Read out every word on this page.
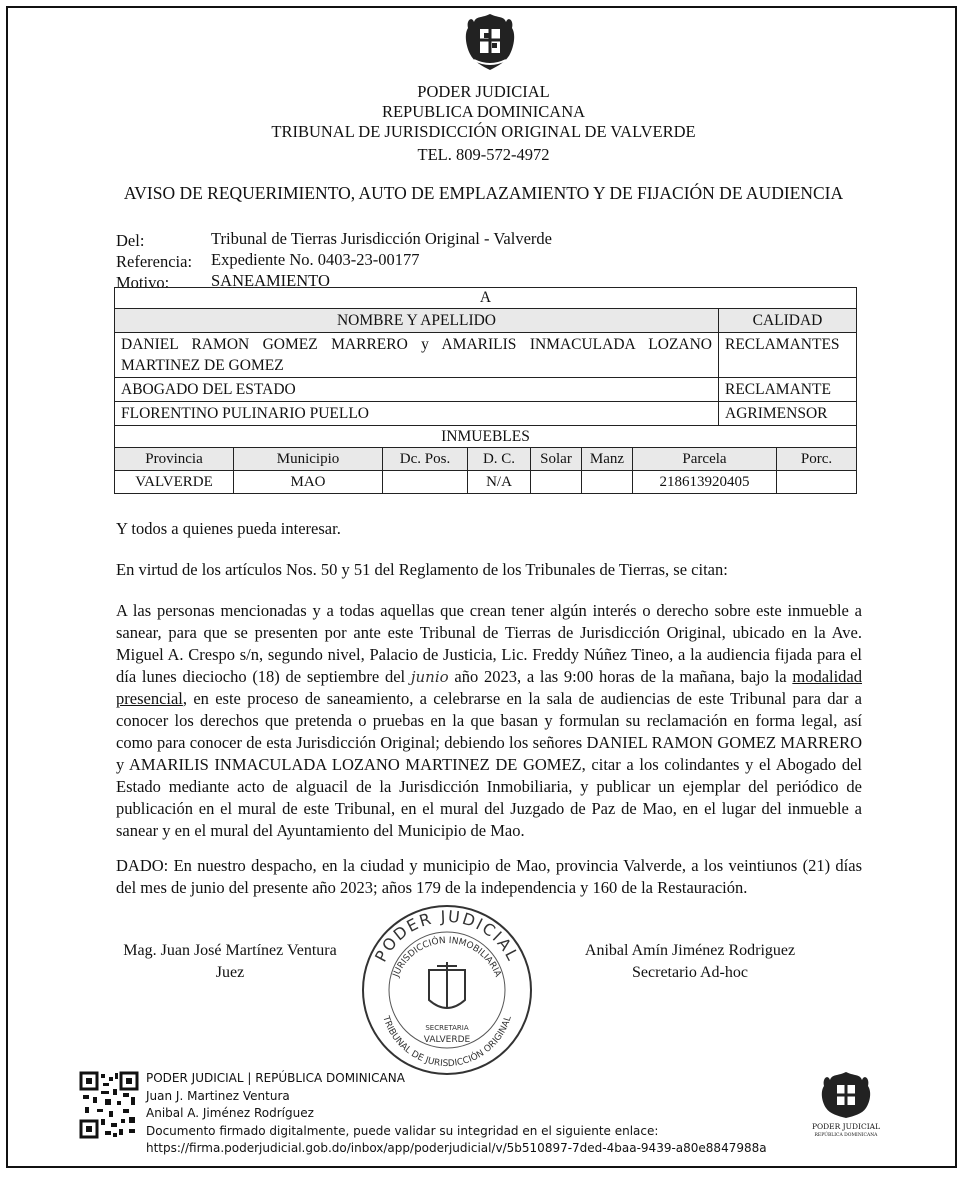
PODER JUDICIAL
REPUBLICA DOMINICANA
TRIBUNAL DE JURISDICCIÓN ORIGINAL DE VALVERDE
TEL. 809-572-4972
AVISO DE REQUERIMIENTO, AUTO DE EMPLAZAMIENTO Y DE FIJACIÓN DE AUDIENCIA
Del:	Tribunal de Tierras Jurisdicción Original - Valverde
Referencia: Expediente No. 0403-23-00177
Motivo:	SANEAMIENTO
A	
NOMBRE Y APELLIDO	CALIDAD

DANIEL RAMON GOMEZ MARRERO y AMARILIS INMACULADA LOZANO
MARTINEZ DE GOMEZ	RECLAMANTES
ABOGADO DEL ESTADO	RECLAMANTE
FLORENTINO PULINARIO PUELLO	AGRIMENSOR
INMUEBLES	
Provincia	Municipio	Dc. Pos.	D. C.	Solar	Manz	Parcela	Porc.
VALVERDE	MAO		N/A			218613920405	
Y todos a quienes pueda interesar.
En virtud de los artículos Nos. 50 y 51 del Reglamento de los Tribunales de Tierras, se citan:
A las personas mencionadas y a todas aquellas que crean tener algún interés o derecho sobre este inmueble a sanear, para que se presenten por ante este Tribunal de Tierras de Jurisdicción Original, ubicado en la Ave. Miguel A. Crespo s/n, segundo nivel, Palacio de Justicia, Lic. Freddy Núñez Tineo, a la audiencia fijada para el día lunes dieciocho (18) de septiembre del junio año 2023, a las 9:00 horas de la mañana, bajo la modalidad presencial, en este proceso de saneamiento, a celebrarse en la sala de audiencias de este Tribunal para dar a conocer los derechos que pretenda o pruebas en la que basan y formulan su reclamación en forma legal, así como para conocer de esta Jurisdicción Original; debiendo los señores DANIEL RAMON GOMEZ MARRERO y AMARILIS INMACULADA LOZANO MARTINEZ DE GOMEZ, citar a los colindantes y el Abogado del Estado mediante acto de alguacil de la Jurisdicción Inmobiliaria, y publicar un ejemplar del periódico de publicación en el mural de este Tribunal, en el mural del Juzgado de Paz de Mao, en el lugar del inmueble a sanear y en el mural del Ayuntamiento del Municipio de Mao.
DADO: En nuestro despacho, en la ciudad y municipio de Mao, provincia Valverde, a los veintiunos (21) días del mes de junio del presente año 2023; años 179 de la independencia y 160 de la Restauración.
Mag. Juan José Martínez Ventura
Juez
Anibal Amín Jiménez Rodriguez
Secretario Ad-hoc
PODER JUDICIAL
JURISDICCIÓN INMOBILIARIA
TRIBUNAL DE JURISDICCIÓN ORIGINAL
SECRETARIA
VALVERDE
PODER JUDICIAL | REPÚBLICA DOMINICANA
Juan J. Martinez Ventura
Anibal A. Jiménez Rodríguez
Documento firmado digitalmente, puede validar su integridad en el siguiente enlace:
https://firma.poderjudicial.gob.do/inbox/app/poderjudicial/v/5b510897-7ded-4baa-9439-a80e8847988a
PODER JUDICIAL
REPÚBLICA DOMINICANA
